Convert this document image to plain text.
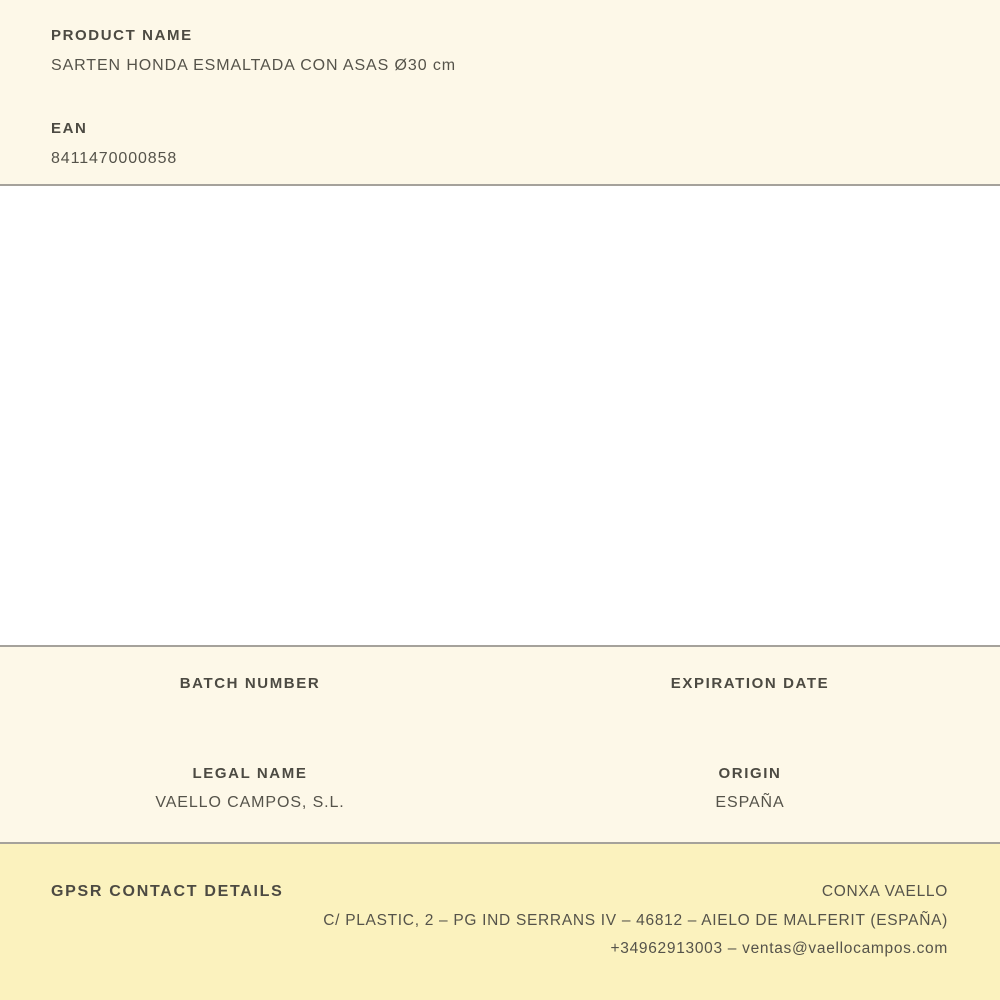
PRODUCT NAME
SARTEN HONDA ESMALTADA CON ASAS Ø30 cm
EAN
8411470000858
BATCH NUMBER
LEGAL NAME
VAELLO CAMPOS, S.L.
EXPIRATION DATE
ORIGIN
ESPAÑA
GPSR CONTACT DETAILS	CONXA VAELLO
C/ PLASTIC, 2 – PG IND SERRANS IV – 46812 – AIELO DE MALFERIT (ESPAÑA)
+34962913003 – ventas@vaellocampos.com
